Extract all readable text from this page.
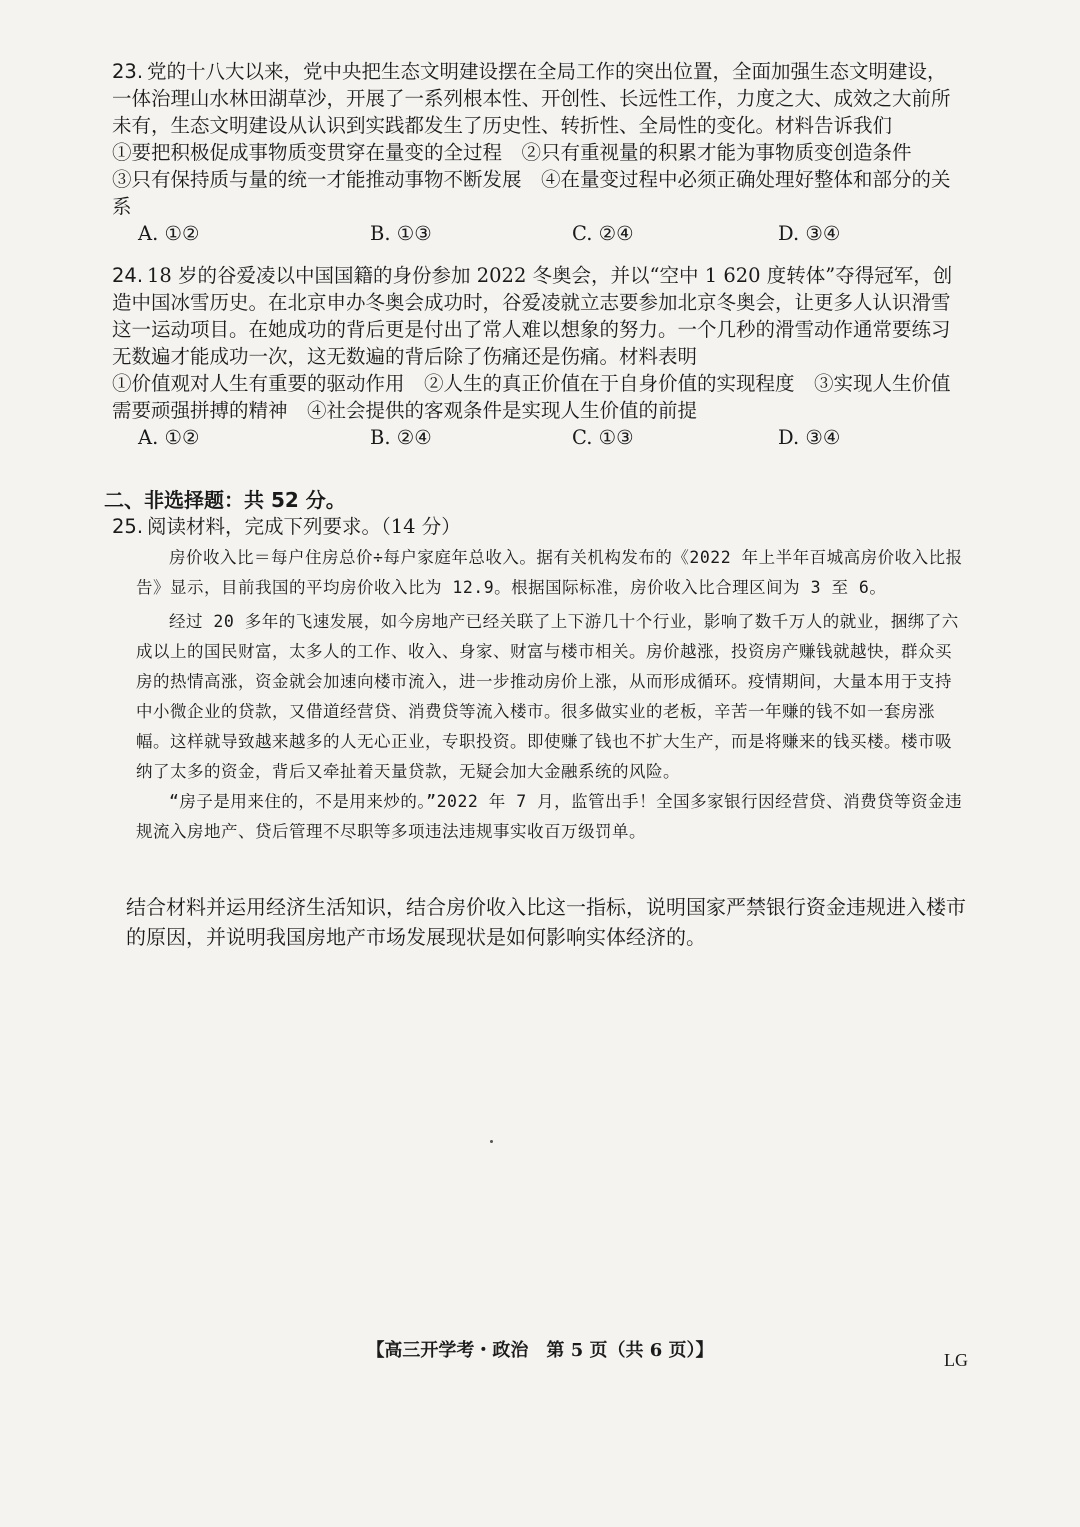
23. 党的十八大以来，党中央把生态文明建设摆在全局工作的突出位置，全面加强生态文明建设，一体治理山水林田湖草沙，开展了一系列根本性、开创性、长远性工作，力度之大、成效之大前所未有，生态文明建设从认识到实践都发生了历史性、转折性、全局性的变化。材料告诉我们

①要把积极促成事物质变贯穿在量变的全过程　②只有重视量的积累才能为事物质变创造条件

③只有保持质与量的统一才能推动事物不断发展　④在量变过程中必须正确处理好整体和部分的关系

A. ①②	B. ①③	C. ②④	D. ③④

24. 18 岁的谷爱凌以中国国籍的身份参加 2022 冬奥会，并以“空中 1 620 度转体”夺得冠军，创造中国冰雪历史。在北京申办冬奥会成功时，谷爱凌就立志要参加北京冬奥会，让更多人认识滑雪这一运动项目。在她成功的背后更是付出了常人难以想象的努力。一个几秒的滑雪动作通常要练习无数遍才能成功一次，这无数遍的背后除了伤痛还是伤痛。材料表明

①价值观对人生有重要的驱动作用　②人生的真正价值在于自身价值的实现程度　③实现人生价值需要顽强拼搏的精神　④社会提供的客观条件是实现人生价值的前提

A. ①②	B. ②④	C. ①③	D. ③④
二、非选择题：共 52 分。
25. 阅读材料，完成下列要求。（14 分）

房价收入比＝每户住房总价÷每户家庭年总收入。据有关机构发布的《2022 年上半年百城高房价收入比报告》显示，目前我国的平均房价收入比为 12.9。根据国际标准，房价收入比合理区间为 3 至 6。

经过 20 多年的飞速发展，如今房地产已经关联了上下游几十个行业，影响了数千万人的就业，捆绑了六成以上的国民财富，太多人的工作、收入、身家、财富与楼市相关。房价越涨，投资房产赚钱就越快，群众买房的热情高涨，资金就会加速向楼市流入，进一步推动房价上涨，从而形成循环。疫情期间，大量本用于支持中小微企业的贷款，又借道经营贷、消费贷等流入楼市。很多做实业的老板，辛苦一年赚的钱不如一套房涨幅。这样就导致越来越多的人无心正业，专职投资。即使赚了钱也不扩大生产，而是将赚来的钱买楼。楼市吸纳了太多的资金，背后又牵扯着天量贷款，无疑会加大金融系统的风险。

“房子是用来住的，不是用来炒的。”2022 年 7 月，监管出手！全国多家银行因经营贷、消费贷等资金违规流入房地产、贷后管理不尽职等多项违法违规事实收百万级罚单。

结合材料并运用经济生活知识，结合房价收入比这一指标，说明国家严禁银行资金违规进入楼市的原因，并说明我国房地产市场发展现状是如何影响实体经济的。
【高三开学考・政治　第 5 页（共 6 页）】	LG
